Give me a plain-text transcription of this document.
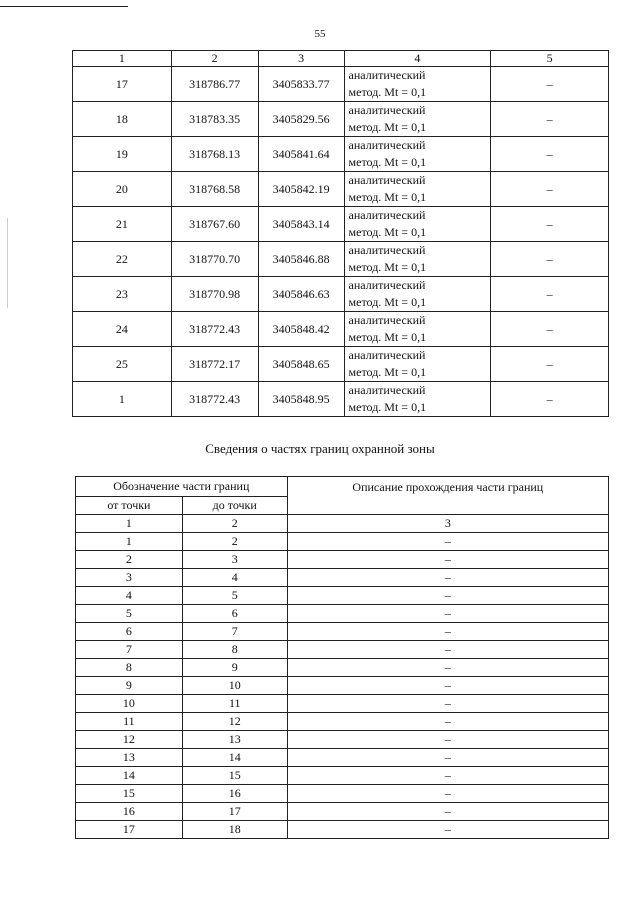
55
1	2	3	4	5
17	318786.77	3405833.77	аналитический
метод. Mt = 0,1	–
18	318783.35	3405829.56	аналитический
метод. Mt = 0,1	–
19	318768.13	3405841.64	аналитический
метод. Mt = 0,1	–
20	318768.58	3405842.19	аналитический
метод. Mt = 0,1	–
21	318767.60	3405843.14	аналитический
метод. Mt = 0,1	–
22	318770.70	3405846.88	аналитический
метод. Mt = 0,1	–
23	318770.98	3405846.63	аналитический
метод. Mt = 0,1	–
24	318772.43	3405848.42	аналитический
метод. Mt = 0,1	–
25	318772.17	3405848.65	аналитический
метод. Mt = 0,1	–
1	318772.43	3405848.95	аналитический
метод. Mt = 0,1	–
Сведения о частях границ охранной зоны
Обозначение части границ		Описание прохождения части границ
от точки	до точки	
1	2	3
1	2	–
2	3	–
3	4	–
4	5	–
5	6	–
6	7	–
7	8	–
8	9	–
9	10	–
10	11	–
11	12	–
12	13	–
13	14	–
14	15	–
15	16	–
16	17	–
17	18	–
